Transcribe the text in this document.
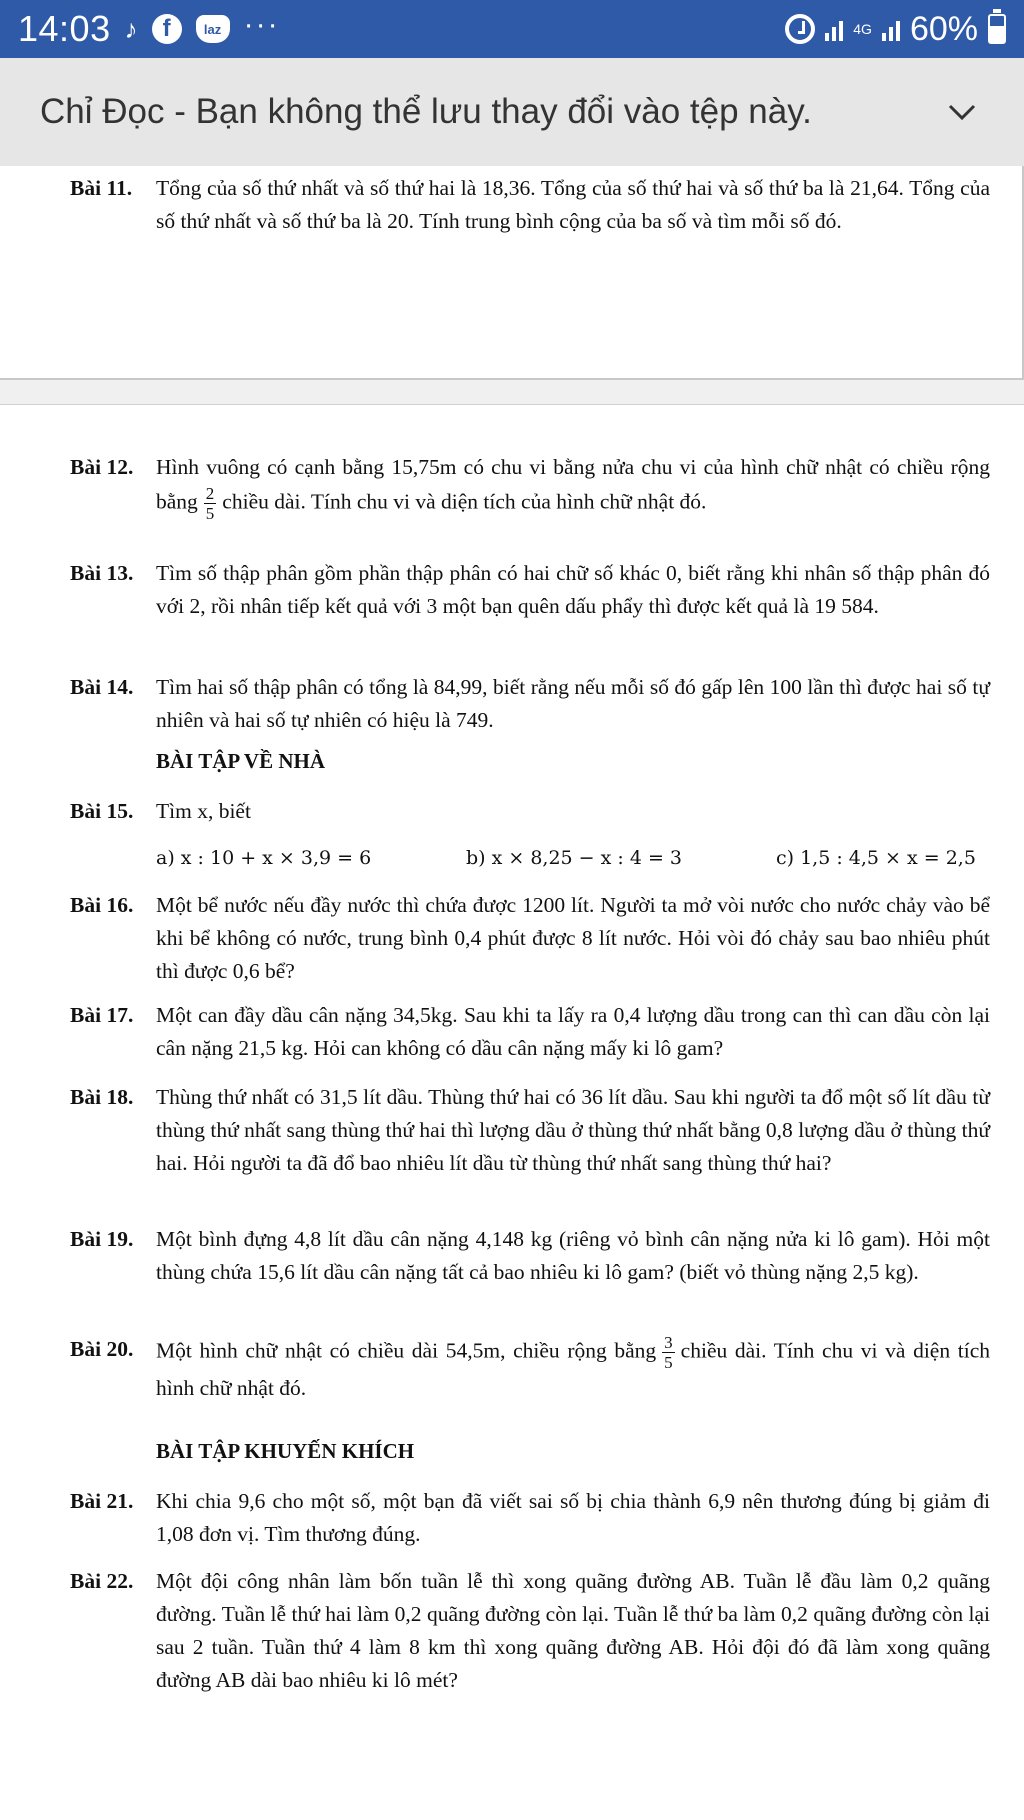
14:03 ♪	f	laz ···	4G 60%
Chỉ Đọc - Bạn không thể lưu thay đổi vào tệp này.
Bài 11. Tổng của số thứ nhất và số thứ hai là 18,36. Tổng của số thứ hai và số thứ ba là 21,64. Tổng của số thứ nhất và số thứ ba là 20. Tính trung bình cộng của ba số và tìm mỗi số đó.
Bài 12. Hình vuông có cạnh bằng 15,75m có chu vi bằng nửa chu vi của hình chữ nhật có chiều rộng bằng $\frac{2}{5}$ chiều dài. Tính chu vi và diện tích của hình chữ nhật đó.
Bài 13. Tìm số thập phân gồm phần thập phân có hai chữ số khác 0, biết rằng khi nhân số thập phân đó với 2, rồi nhân tiếp kết quả với 3 một bạn quên dấu phẩy thì được kết quả là 19 584.
Bài 14. Tìm hai số thập phân có tổng là 84,99, biết rằng nếu mỗi số đó gấp lên 100 lần thì được hai số tự nhiên và hai số tự nhiên có hiệu là 749.
BÀI TẬP VỀ NHÀ
Bài 15. Tìm x, biết
a) x : 10 + x × 3,9 = 6	b) x × 8,25 − x : 4 = 3	c) 1,5 : 4,5 × x = 2,5
Bài 16. Một bể nước nếu đầy nước thì chứa được 1200 lít. Người ta mở vòi nước cho nước chảy vào bể khi bể không có nước, trung bình 0,4 phút được 8 lít nước. Hỏi vòi đó chảy sau bao nhiêu phút thì được 0,6 bể?
Bài 17. Một can đầy dầu cân nặng 34,5kg. Sau khi ta lấy ra 0,4 lượng dầu trong can thì can dầu còn lại cân nặng 21,5 kg. Hỏi can không có dầu cân nặng mấy ki lô gam?
Bài 18. Thùng thứ nhất có 31,5 lít dầu. Thùng thứ hai có 36 lít dầu. Sau khi người ta đổ một số lít dầu từ thùng thứ nhất sang thùng thứ hai thì lượng dầu ở thùng thứ nhất bằng 0,8 lượng dầu ở thùng thứ hai. Hỏi người ta đã đổ bao nhiêu lít dầu từ thùng thứ nhất sang thùng thứ hai?
Bài 19. Một bình đựng 4,8 lít dầu cân nặng 4,148 kg (riêng vỏ bình cân nặng nửa ki lô gam). Hỏi một thùng chứa 15,6 lít dầu cân nặng tất cả bao nhiêu ki lô gam? (biết vỏ thùng nặng 2,5 kg).
Bài 20. Một hình chữ nhật có chiều dài 54,5m, chiều rộng bằng $\frac{3}{5}$ chiều dài. Tính chu vi và diện tích hình chữ nhật đó.
BÀI TẬP KHUYẾN KHÍCH
Bài 21. Khi chia 9,6 cho một số, một bạn đã viết sai số bị chia thành 6,9 nên thương đúng bị giảm đi 1,08 đơn vị. Tìm thương đúng.
Bài 22. Một đội công nhân làm bốn tuần lễ thì xong quãng đường AB. Tuần lễ đầu làm 0,2 quãng đường. Tuần lễ thứ hai làm 0,2 quãng đường còn lại. Tuần lễ thứ ba làm 0,2 quãng đường còn lại sau 2 tuần. Tuần thứ 4 làm 8 km thì xong quãng đường AB. Hỏi đội đó đã làm xong quãng đường AB dài bao nhiêu ki lô mét?
